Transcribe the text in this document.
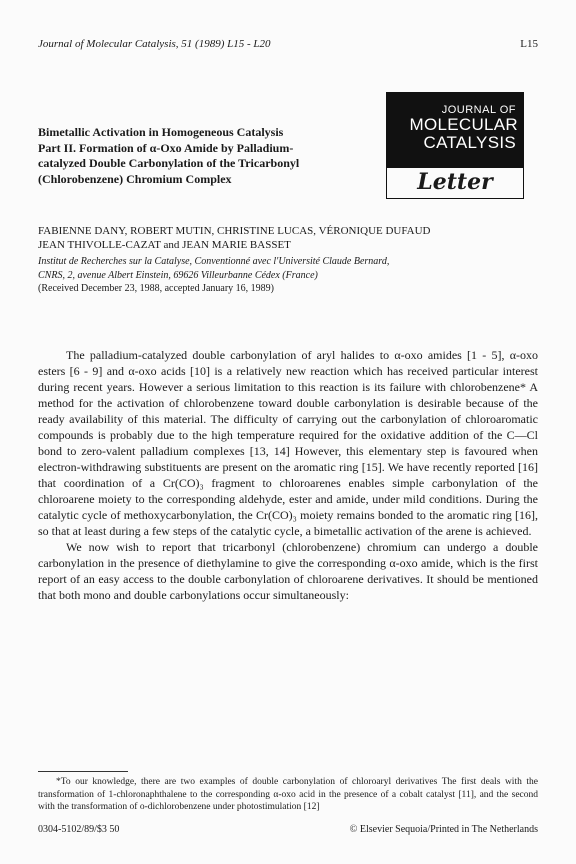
Journal of Molecular Catalysis, 51 (1989) L15 - L20	L15
JOURNAL OF
MOLECULAR
CATALYSIS
Letter
Bimetallic Activation in Homogeneous Catalysis
Part II. Formation of α-Oxo Amide by Palladium-
catalyzed Double Carbonylation of the Tricarbonyl
(Chlorobenzene) Chromium Complex
FABIENNE DANY, ROBERT MUTIN, CHRISTINE LUCAS, VÉRONIQUE DUFAUD
JEAN THIVOLLE-CAZAT and JEAN MARIE BASSET
Institut de Recherches sur la Catalyse, Conventionné avec l'Université Claude Bernard,
CNRS, 2, avenue Albert Einstein, 69626 Villeurbanne Cédex (France)
(Received December 23, 1988, accepted January 16, 1989)

The palladium-catalyzed double carbonylation of aryl halides to α-oxo amides [1 - 5], α-oxo esters [6 - 9] and α-oxo acids [10] is a relatively new reaction which has received particular interest during recent years. However a serious limitation to this reaction is its failure with chlorobenzene* A method for the activation of chlorobenzene toward double carbonylation is desirable because of the ready availability of this material. The difficulty of carrying out the carbonylation of chloroaromatic compounds is probably due to the high temperature required for the oxidative addition of the C—Cl bond to zero-valent palladium complexes [13, 14] However, this elementary step is favoured when electron-withdrawing substituents are present on the aromatic ring [15]. We have recently reported [16] that coordination of a Cr(CO)₃ fragment to chloroarenes enables simple carbonylation of the chloroarene moiety to the corresponding aldehyde, ester and amide, under mild conditions. During the catalytic cycle of methoxycarbonylation, the Cr(CO)₃ moiety remains bonded to the aromatic ring [16], so that at least during a few steps of the catalytic cycle, a bimetallic activation of the arene is achieved.

We now wish to report that tricarbonyl (chlorobenzene) chromium can undergo a double carbonylation in the presence of diethylamine to give the corresponding α-oxo amide, which is the first report of an easy access to the double carbonylation of chloroarene derivatives. It should be mentioned that both mono and double carbonylations occur simultaneously:

*To our knowledge, there are two examples of double carbonylation of chloroaryl derivatives The first deals with the transformation of 1-chloronaphthalene to the corresponding α-oxo acid in the presence of a cobalt catalyst [11], and the second with the transformation of o-dichlorobenzene under photostimulation [12]

0304-5102/89/$3 50	© Elsevier Sequoia/Printed in The Netherlands
